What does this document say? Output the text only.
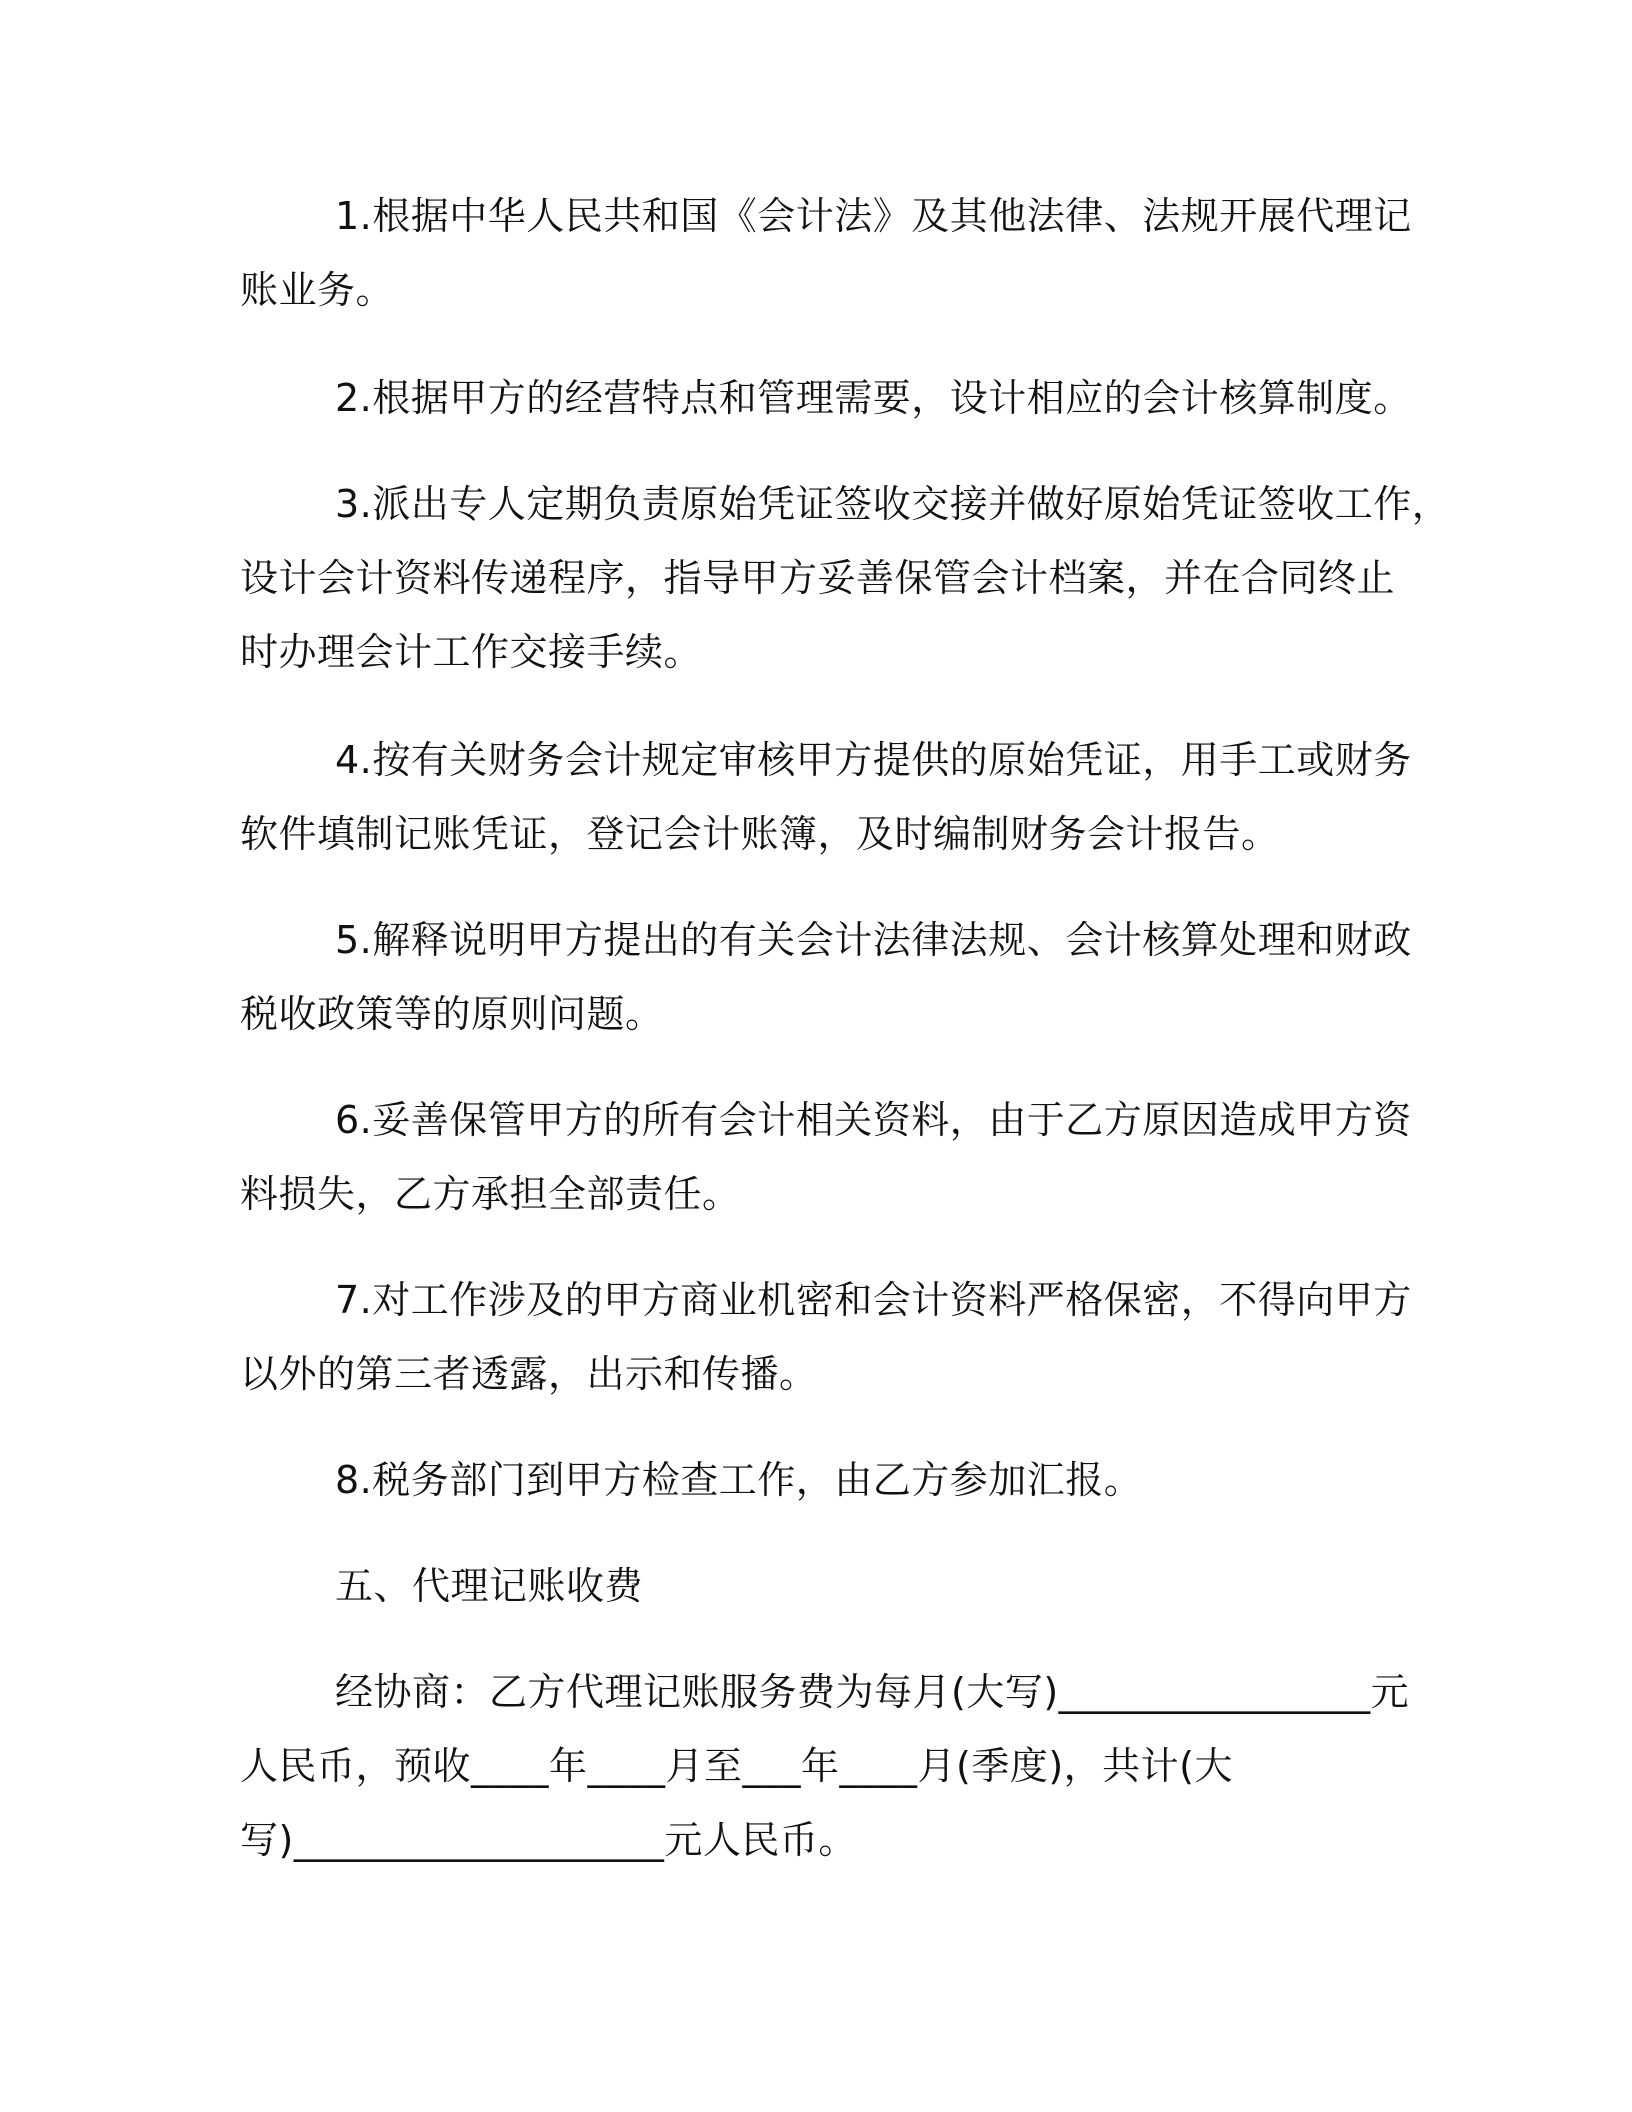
1.根据中华人民共和国《会计法》及其他法律、法规开展代理记
账业务。
2.根据甲方的经营特点和管理需要，设计相应的会计核算制度。
3.派出专人定期负责原始凭证签收交接并做好原始凭证签收工作，
设计会计资料传递程序，指导甲方妥善保管会计档案，并在合同终止
时办理会计工作交接手续。
4.按有关财务会计规定审核甲方提供的原始凭证，用手工或财务
软件填制记账凭证，登记会计账簿，及时编制财务会计报告。
5.解释说明甲方提出的有关会计法律法规、会计核算处理和财政
税收政策等的原则问题。
6.妥善保管甲方的所有会计相关资料，由于乙方原因造成甲方资
料损失，乙方承担全部责任。
7.对工作涉及的甲方商业机密和会计资料严格保密，不得向甲方
以外的第三者透露，出示和传播。
8.税务部门到甲方检查工作，由乙方参加汇报。
五、代理记账收费
经协商：乙方代理记账服务费为每月(大写)________________元
人民币，预收____年____月至___年____月(季度)，共计(大
写)___________________元人民币。
